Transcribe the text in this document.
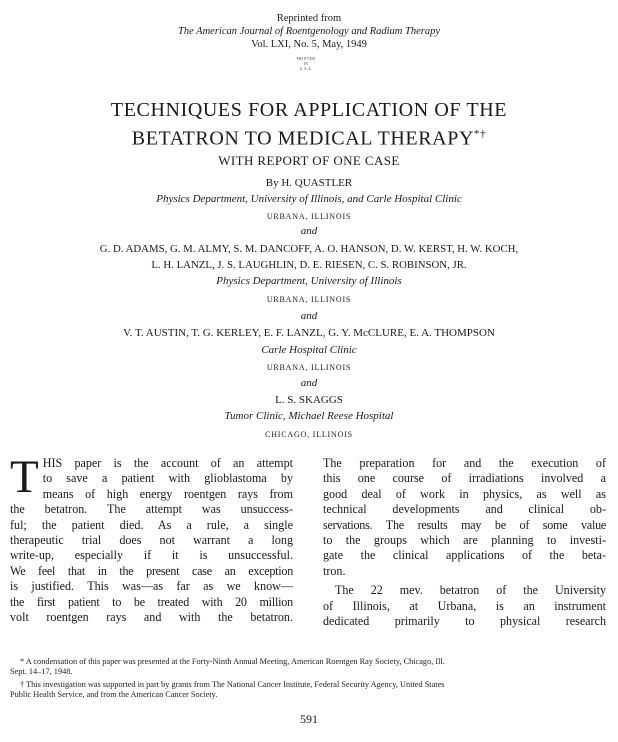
Reprinted from
The American Journal of Roentgenology and Radium Therapy
Vol. LXI, No. 5, May, 1949
PRINTED
IN
U.S.A.
TECHNIQUES FOR APPLICATION OF THE
BETATRON TO MEDICAL THERAPY*†
WITH REPORT OF ONE CASE
By H. QUASTLER
Physics Department, University of Illinois, and Carle Hospital Clinic
URBANA, ILLINOIS
and
G. D. ADAMS, G. M. ALMY, S. M. DANCOFF, A. O. HANSON, D. W. KERST, H. W. KOCH,
L. H. LANZL, J. S. LAUGHLIN, D. E. RIESEN, C. S. ROBINSON, JR.
Physics Department, University of Illinois
URBANA, ILLINOIS
and
V. T. AUSTIN, T. G. KERLEY, E. F. LANZL, G. Y. McCLURE, E. A. THOMPSON
Carle Hospital Clinic
URBANA, ILLINOIS
and
L. S. SKAGGS
Tumor Clinic, Michael Reese Hospital
CHICAGO, ILLINOIS
T HIS paper is the account of an attempt
to save a patient with glioblastoma by
means of high energy roentgen rays from
the betatron. The attempt was unsuccess-
ful; the patient died. As a rule, a single
therapeutic trial does not warrant a long
write-up, especially if it is unsuccessful.
We feel that in the present case an exception
is justified. This was—as far as we know—
the first patient to be treated with 20 million
volt roentgen rays and with the betatron.
The preparation for and the execution of
this one course of irradiations involved a
good deal of work in physics, as well as
technical developments and clinical ob-
servations. The results may be of some value
to the groups which are planning to investi-
gate the clinical applications of the beta-
tron.
The 22 mev. betatron of the University
of Illinois, at Urbana, is an instrument
dedicated primarily to physical research
* A condensation of this paper was presented at the Forty-Ninth Annual Meeting, American Roentgen Ray Society, Chicago, Ill.
Sept. 14–17, 1948.
† This investigation was supported in part by grants from The National Cancer Institute, Federal Security Agency, United States
Public Health Service, and from the American Cancer Society.
591
